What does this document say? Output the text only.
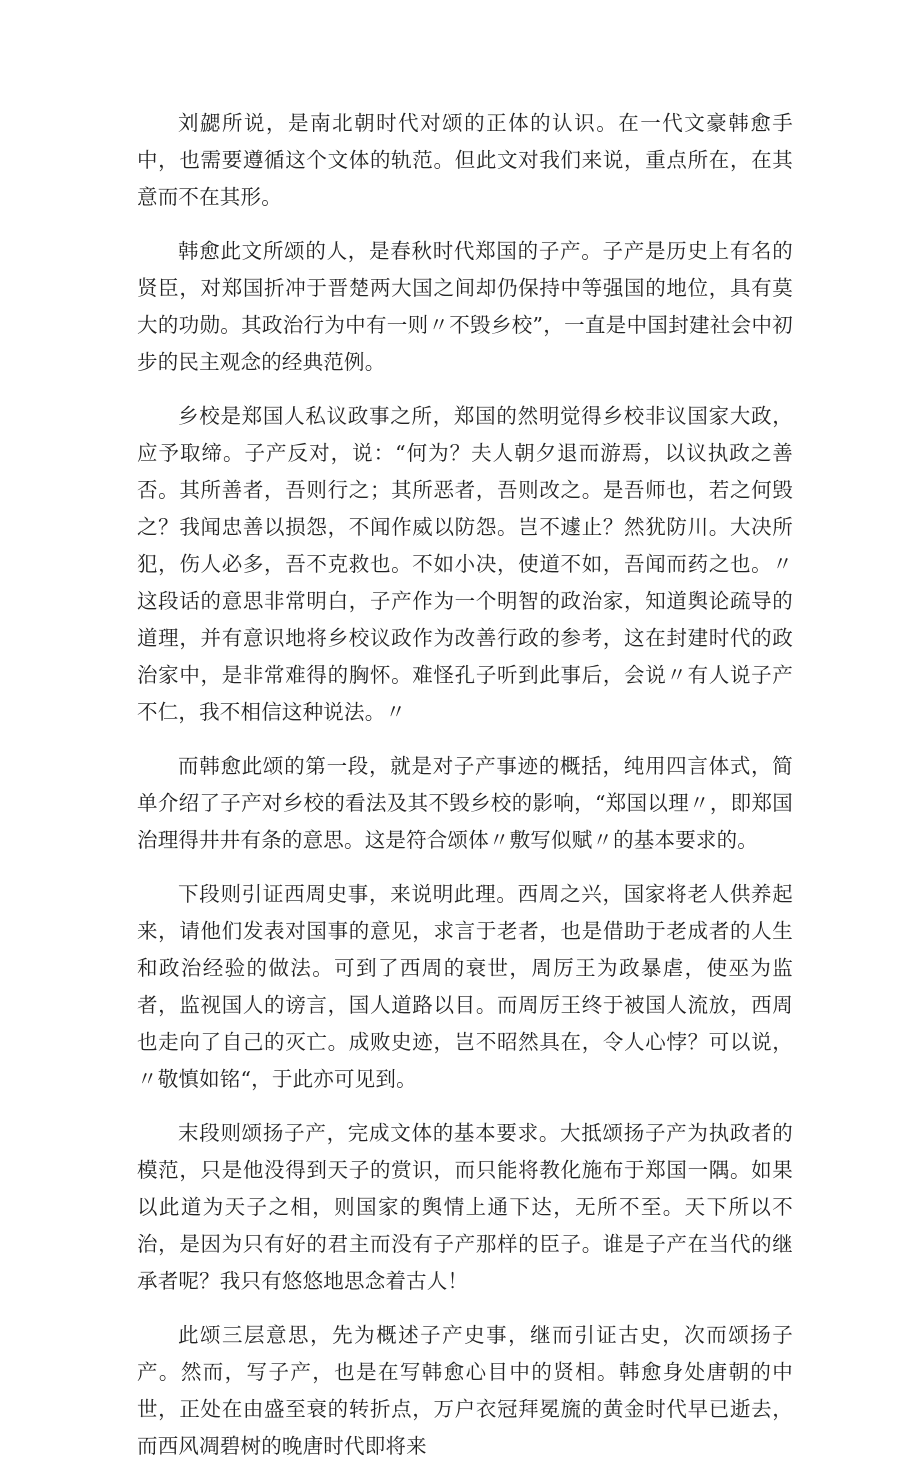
刘勰所说，是南北朝时代对颂的正体的认识。在一代文豪韩愈手中，也需要遵循这个文体的轨范。但此文对我们来说，重点所在，在其意而不在其形。

韩愈此文所颂的人，是春秋时代郑国的子产。子产是历史上有名的贤臣，对郑国折冲于晋楚两大国之间却仍保持中等强国的地位，具有莫大的功勋。其政治行为中有一则〃不毁乡校”，一直是中国封建社会中初步的民主观念的经典范例。

乡校是郑国人私议政事之所，郑国的然明觉得乡校非议国家大政，应予取缔。子产反对，说：“何为？夫人朝夕退而游焉，以议执政之善否。其所善者，吾则行之；其所恶者，吾则改之。是吾师也，若之何毁之？我闻忠善以损怨，不闻作威以防怨。岂不遽止？然犹防川。大决所犯，伤人必多，吾不克救也。不如小决，使道不如，吾闻而药之也。〃这段话的意思非常明白，子产作为一个明智的政治家，知道舆论疏导的道理，并有意识地将乡校议政作为改善行政的参考，这在封建时代的政治家中，是非常难得的胸怀。难怪孔子听到此事后，会说〃有人说子产不仁，我不相信这种说法。〃

而韩愈此颂的第一段，就是对子产事迹的概括，纯用四言体式，简单介绍了子产对乡校的看法及其不毁乡校的影响，“郑国以理〃，即郑国治理得井井有条的意思。这是符合颂体〃敷写似赋〃的基本要求的。

下段则引证西周史事，来说明此理。西周之兴，国家将老人供养起来，请他们发表对国事的意见，求言于老者，也是借助于老成者的人生和政治经验的做法。可到了西周的衰世，周厉王为政暴虐，使巫为监者，监视国人的谤言，国人道路以目。而周厉王终于被国人流放，西周也走向了自己的灭亡。成败史迹，岂不昭然具在，令人心悖？可以说，〃敬慎如铭“，于此亦可见到。

末段则颂扬子产，完成文体的基本要求。大抵颂扬子产为执政者的模范，只是他没得到天子的赏识，而只能将教化施布于郑国一隅。如果以此道为天子之相，则国家的舆情上通下达，无所不至。天下所以不治，是因为只有好的君主而没有子产那样的臣子。谁是子产在当代的继承者呢？我只有悠悠地思念着古人！

此颂三层意思，先为概述子产史事，继而引证古史，次而颂扬子产。然而，写子产，也是在写韩愈心目中的贤相。韩愈身处唐朝的中世，正处在由盛至衰的转折点，万户衣冠拜冕旒的黄金时代早已逝去，而西风凋碧树的晚唐时代即将来
